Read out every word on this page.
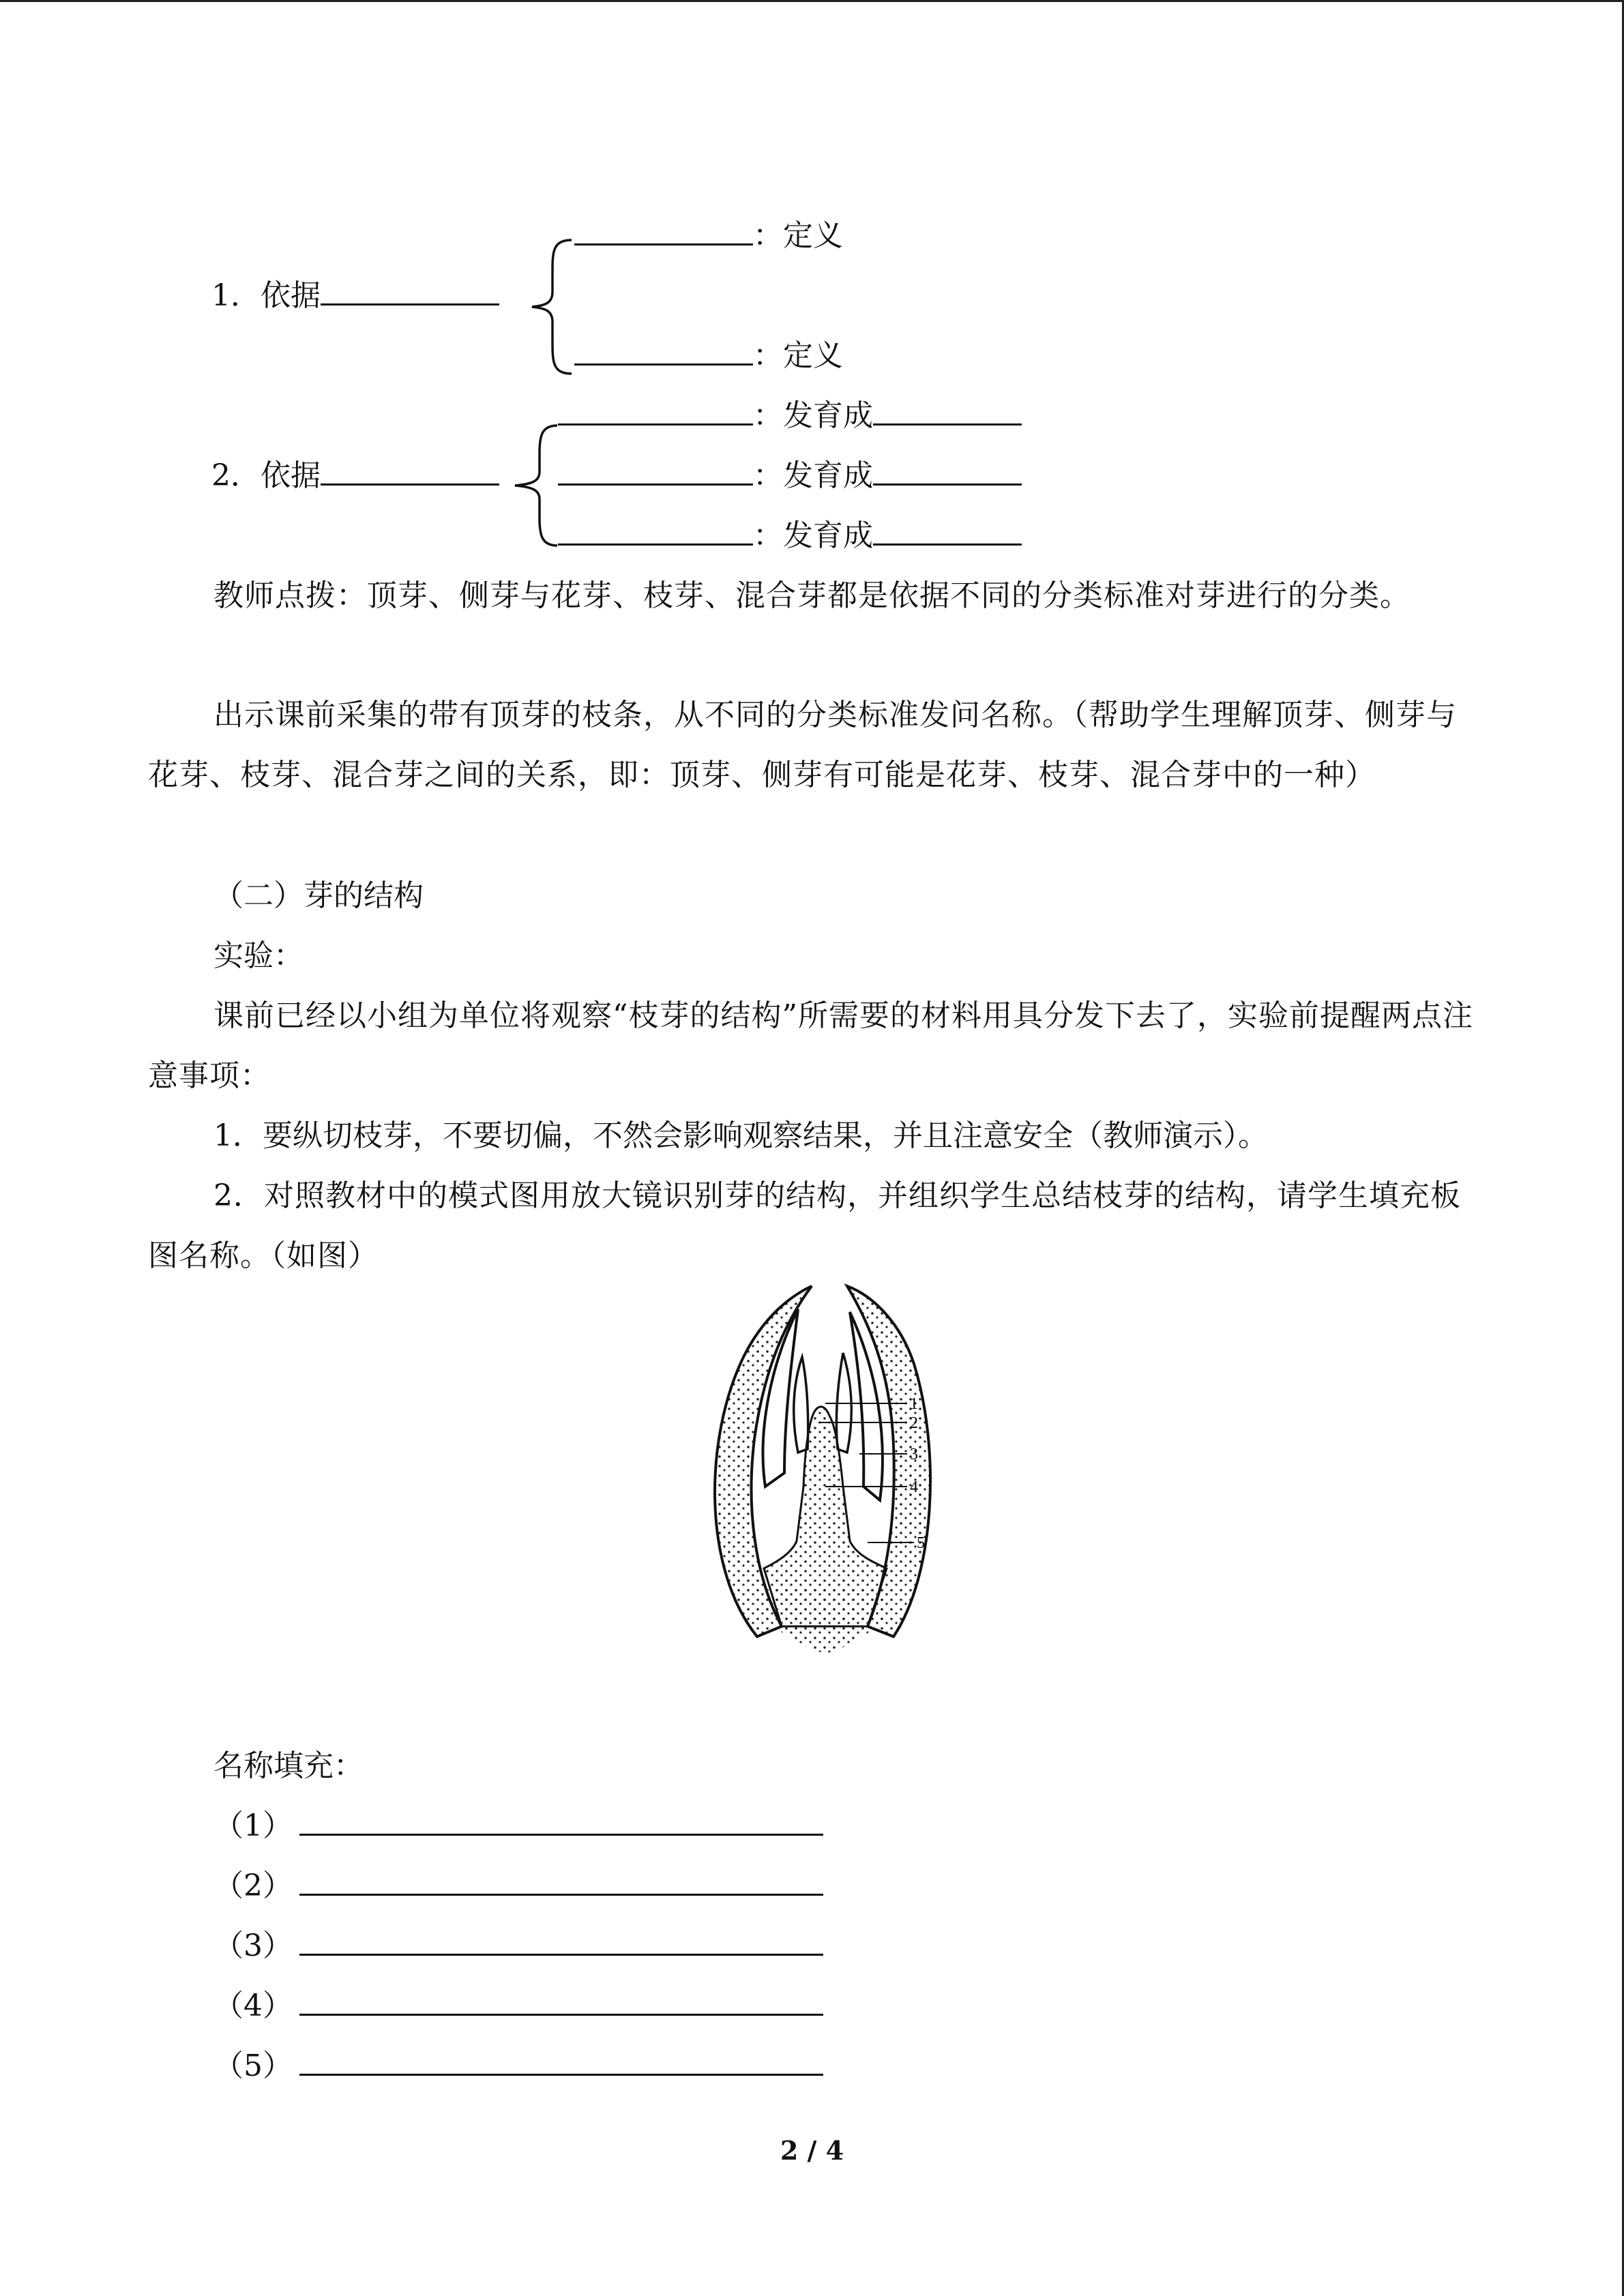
1．依据
：定义
：定义
2．依据
：发育成
：发育成
：发育成
教师点拨：顶芽、侧芽与花芽、枝芽、混合芽都是依据不同的分类标准对芽进行的分类。
出示课前采集的带有顶芽的枝条，从不同的分类标准发问名称。（帮助学生理解顶芽、侧芽与花芽、枝芽、混合芽之间的关系，即：顶芽、侧芽有可能是花芽、枝芽、混合芽中的一种）
（二）芽的结构
实验：
课前已经以小组为单位将观察“枝芽的结构”所需要的材料用具分发下去了，实验前提醒两点注意事项：
1．要纵切枝芽，不要切偏，不然会影响观察结果，并且注意安全（教师演示）。
2．对照教材中的模式图用放大镜识别芽的结构，并组织学生总结枝芽的结构，请学生填充板图名称。（如图）
1
2
3
4
5
名称填充：
（1）
（2）
（3）
（4）
（5）
2 / 4
